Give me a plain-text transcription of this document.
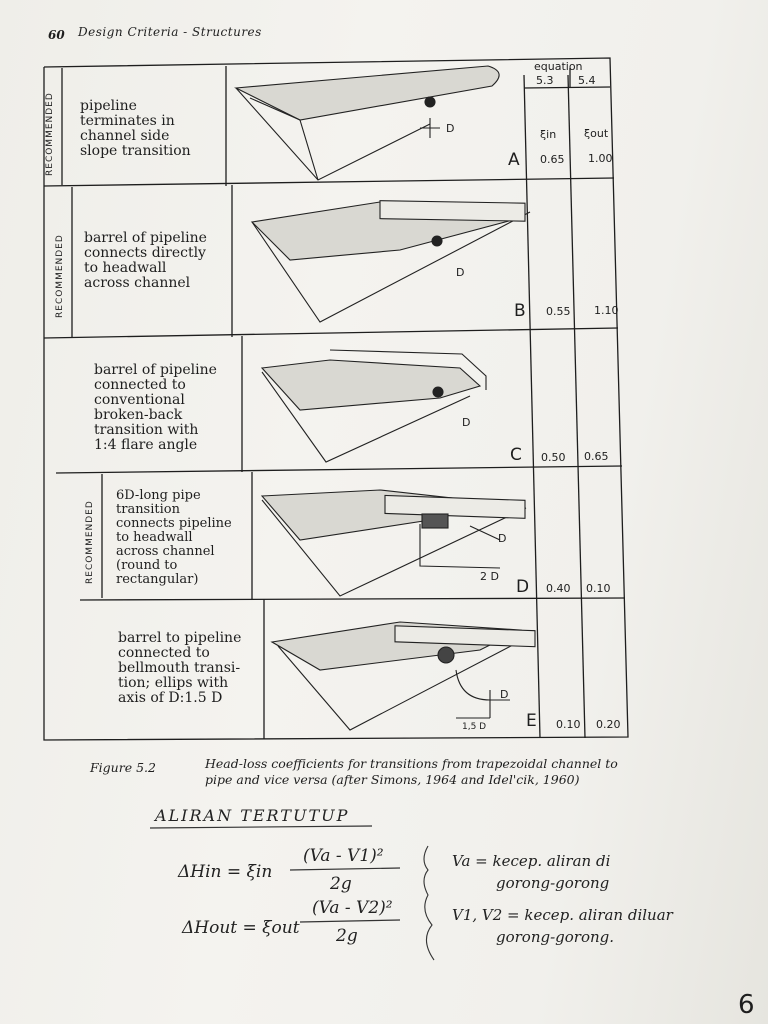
60 Design Criteria - Structures
equation
5.3 5.4
ξin	ξout
RECOMMENDED
RECOMMENDED
RECOMMENDED
pipeline
terminates in
channel side
slope transition	A 0.65 1.00
D
barrel of pipeline
connects directly
to headwall
across channel
B 0.55 1.10
D
barrel of pipeline
connected to
conventional
broken-back
transition with
1:4 flare angle	C 0.50 0.65
D
6D-long pipe
transition
connects pipeline
to headwall
across channel
(round to
rectangular)	D 0.40 0.10
D
2 D
barrel to pipeline
connected to
bellmouth transi-
tion; ellips with
axis of D:1.5 D
E 0.10 0.20
D
1,5 D
Figure 5.2	Head-loss coefficients for transitions from trapezoidal channel to pipe and vice versa (after Simons, 1964 and Idel'cik, 1960)
ALIRAN TERTUTUP
ΔHin = ξin
(Va - V1)²
2g
ΔHout = ξout
(Va - V2)²
2g
Va = kecep. aliran di
gorong-gorong
V1, V2 = kecep. aliran diluar
gorong-gorong.
6
